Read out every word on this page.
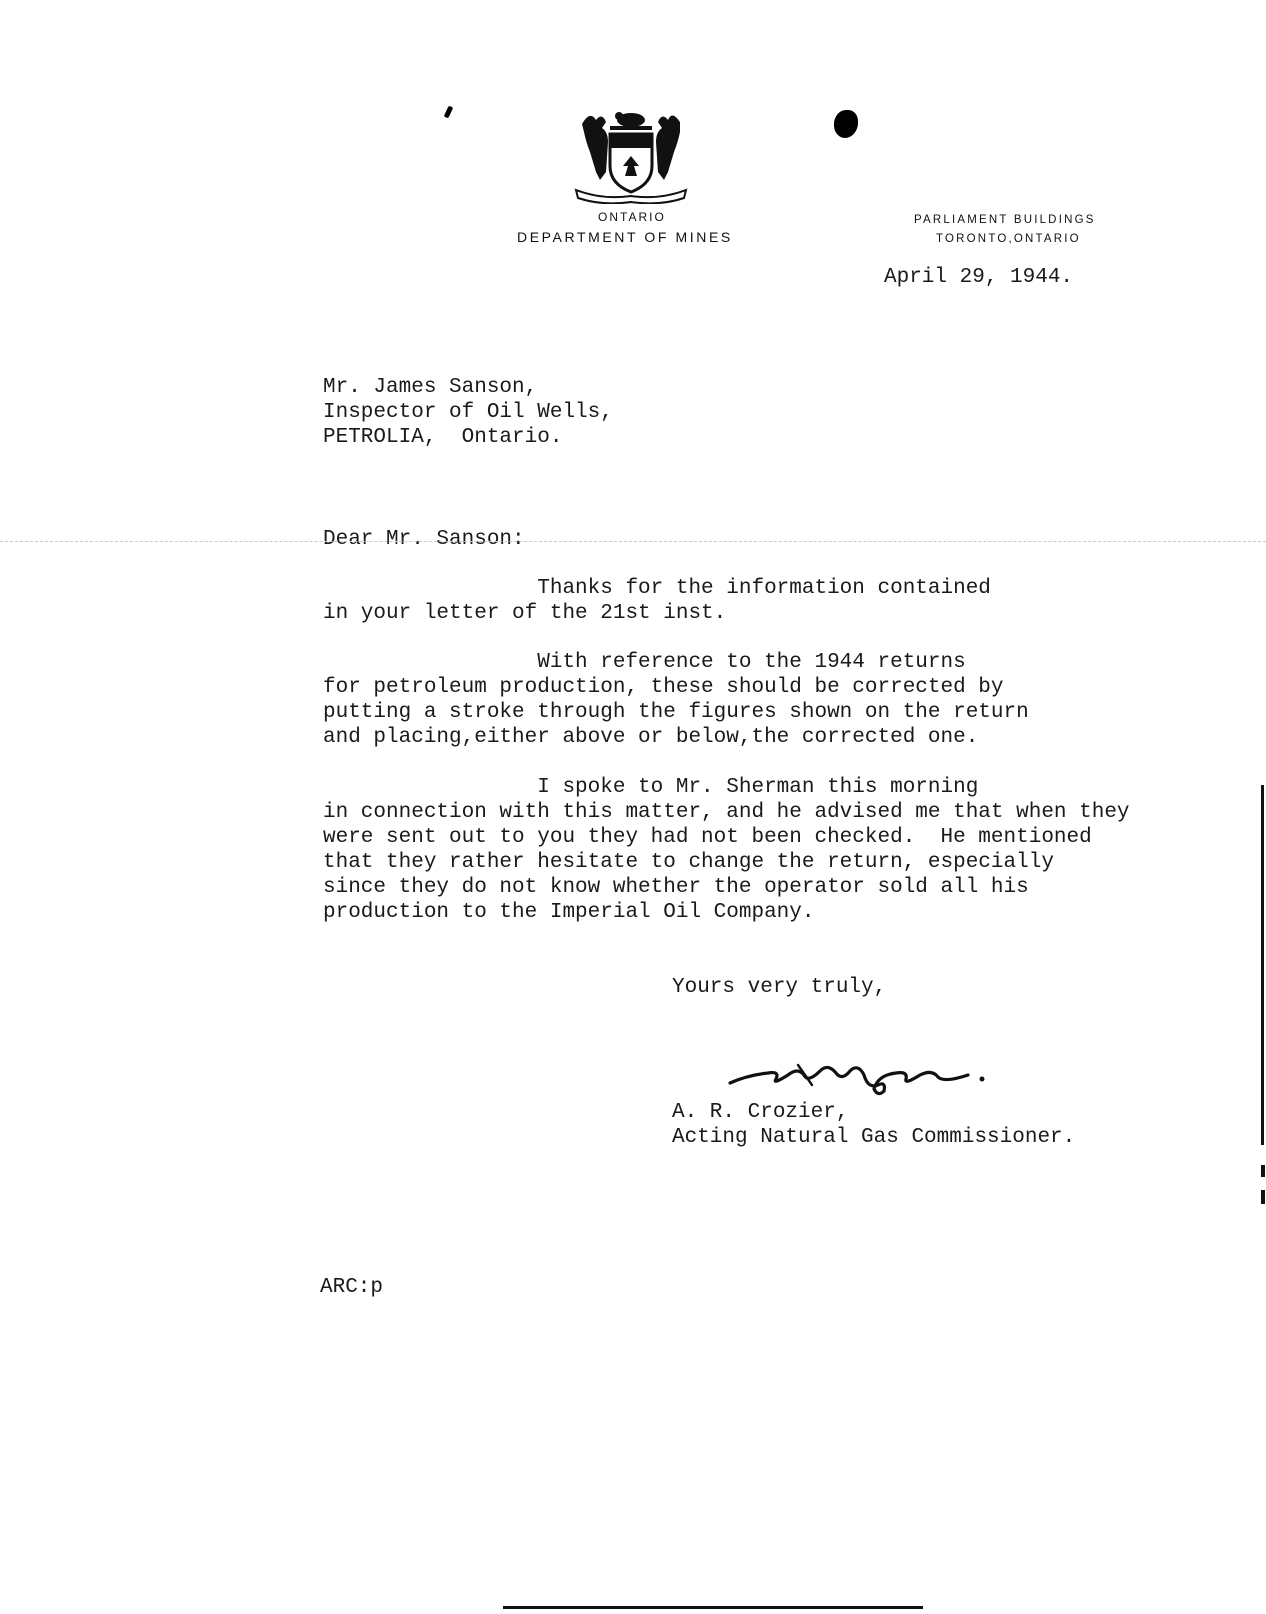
ONTARIO
DEPARTMENT OF MINES
PARLIAMENT BUILDINGS
TORONTO,ONTARIO
April 29, 1944.
Mr. James Sanson,
Inspector of Oil Wells,
PETROLIA,  Ontario.
Dear Mr. Sanson:
Thanks for the information contained
in your letter of the 21st inst.
With reference to the 1944 returns
for petroleum production, these should be corrected by
putting a stroke through the figures shown on the return
and placing,either above or below,the corrected one.
I spoke to Mr. Sherman this morning
in connection with this matter, and he advised me that when they
were sent out to you they had not been checked.  He mentioned
that they rather hesitate to change the return, especially
since they do not know whether the operator sold all his
production to the Imperial Oil Company.
Yours very truly,
A. R. Crozier,
Acting Natural Gas Commissioner.
ARC:p
